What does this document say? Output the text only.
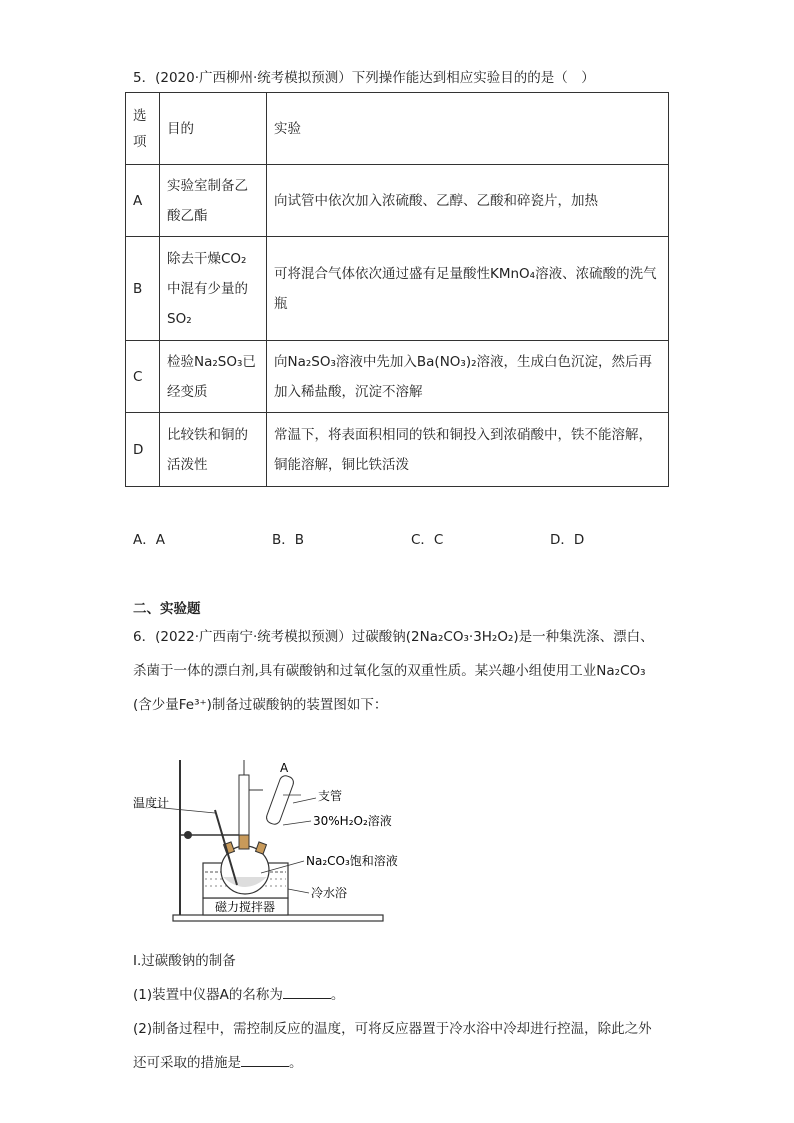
5．(2020·广西柳州·统考模拟预测）下列操作能达到相应实验目的的是（　）
选项	目的	实验
A	实验室制备乙酸乙酯	向试管中依次加入浓硫酸、乙醇、乙酸和碎瓷片，加热
B	除去干燥CO₂中混有少量的SO₂	可将混合气体依次通过盛有足量酸性KMnO₄溶液、浓硫酸的洗气瓶
C	检验Na₂SO₃已经变质	向Na₂SO₃溶液中先加入Ba(NO₃)₂溶液，生成白色沉淀，然后再加入稀盐酸，沉淀不溶解
D	比较铁和铜的活泼性	常温下，将表面积相同的铁和铜投入到浓硝酸中，铁不能溶解，铜能溶解，铜比铁活泼
A．A	B．B	C．C	D．D
二、实验题

6．(2022·广西南宁·统考模拟预测）过碳酸钠(2Na₂CO₃·3H₂O₂)是一种集洗涤、漂白、

杀菌于一体的漂白剂,具有碳酸钠和过氧化氢的双重性质。某兴趣小组使用工业Na₂CO₃

(含少量Fe³⁺)制备过碳酸钠的装置图如下：

磁力搅拌器
温度计
A
支管
30%H₂O₂溶液
Na₂CO₃饱和溶液
冷水浴

Ⅰ.过碳酸钠的制备

(1)装置中仪器A的名称为	。

(2)制备过程中，需控制反应的温度，可将反应器置于冷水浴中冷却进行控温，除此之外

还可采取的措施是	。
